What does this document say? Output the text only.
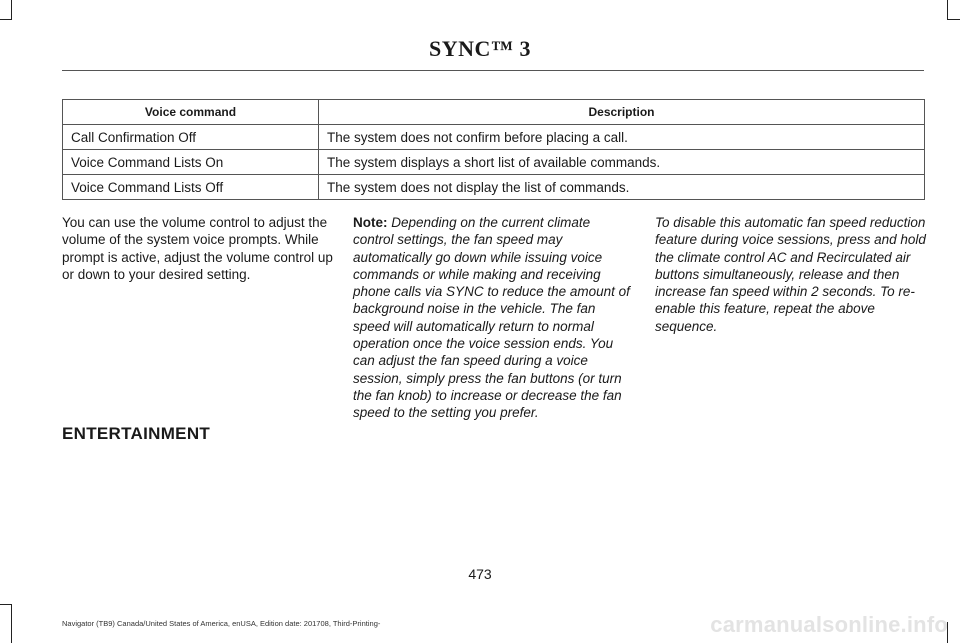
SYNC™ 3
Voice command	Description
Call Confirmation Off	The system does not confirm before placing a call.
Voice Command Lists On	The system displays a short list of available commands.
Voice Command Lists Off	The system does not display the list of commands.

You can use the volume control to adjust the volume of the system voice prompts. While prompt is active, adjust the volume control up or down to your desired setting.

Note: Depending on the current climate control settings, the fan speed may automatically go down while issuing voice commands or while making and receiving phone calls via SYNC to reduce the amount of background noise in the vehicle. The fan speed will automatically return to normal operation once the voice session ends. You can adjust the fan speed during a voice session, simply press the fan buttons (or turn the fan knob) to increase or decrease the fan speed to the setting you prefer.

To disable this automatic fan speed reduction feature during voice sessions, press and hold the climate control AC and Recirculated air buttons simultaneously, release and then increase fan speed within 2 seconds. To re-enable this feature, repeat the above sequence.

ENTERTAINMENT
473
Navigator (TB9) Canada/United States of America, enUSA, Edition date: 201708, Third-Printing-	carmanualsonline.info
